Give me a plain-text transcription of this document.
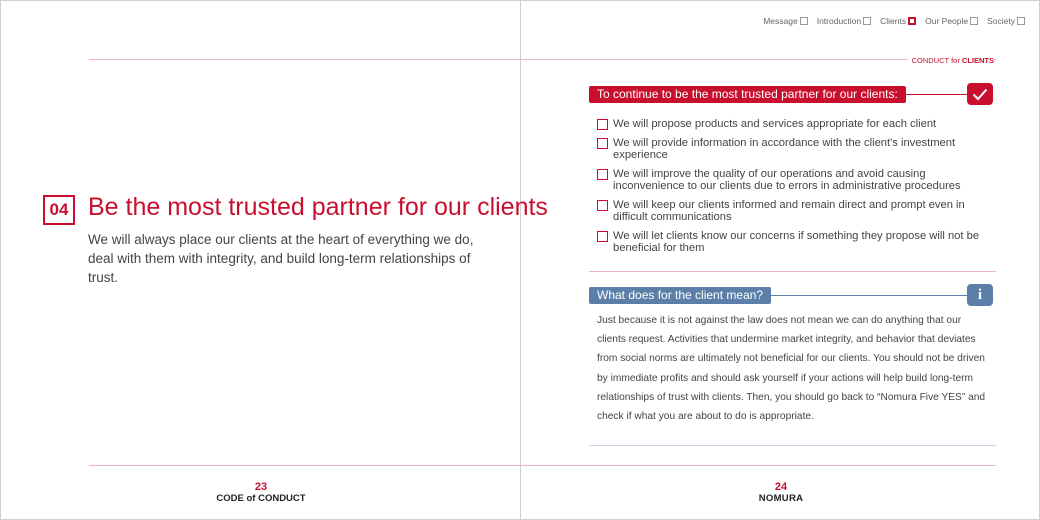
04 Be the most trusted partner for our clients
We will always place our clients at the heart of everything we do, deal with them with integrity, and build long-term relationships of trust.
23
CODE of CONDUCT
Message Introduction Clients Our People Society
CONDUCT for CLIENTS
To continue to be the most trusted partner for our clients:
We will propose products and services appropriate for each client
We will provide information in accordance with the client's investment experience
We will improve the quality of our operations and avoid causing inconvenience to our clients due to errors in administrative procedures
We will keep our clients informed and remain direct and prompt even in difficult communications
We will let clients know our concerns if something they propose will not be beneficial for them
What does for the client mean?	i

Just because it is not against the law does not mean we can do anything that our clients request. Activities that undermine market integrity, and behavior that deviates from social norms are ultimately not beneficial for our clients. You should not be driven by immediate profits and should ask yourself if your actions will help build long-term relationships of trust with clients. Then, you should go back to “Nomura Five YES” and check if what you are about to do is appropriate.

24
NOMURA
